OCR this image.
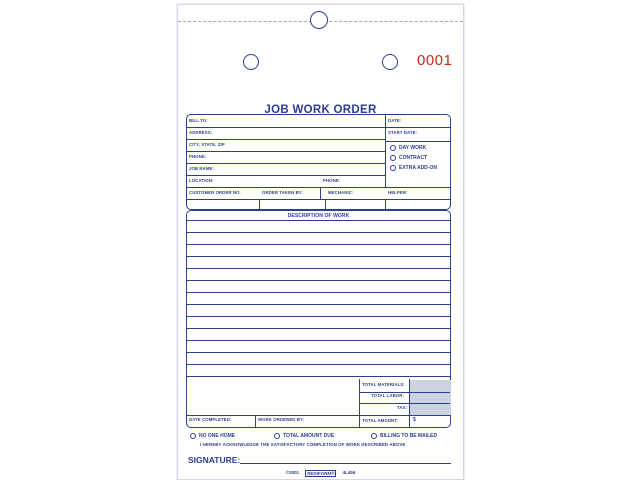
0001
JOB WORK ORDER
BILL TO:	DATE:
ADDRESS:	START DATE:
CITY, STATE, ZIP
PHONE:
JOB NAME:
LOCATION:	PHONE:
CUSTOMER ORDER NO.	ORDER TAKEN BY:	MECHANIC:	HELPER:
DAY WORK
CONTRACT
EXTRA ADD-ON
DESCRIPTION OF WORK
TOTAL MATERIALS:
TOTAL LABOR:
TAX:
DATE COMPLETED:	WORK ORDERED BY:	TOTAL AMOUNT:	$
NO ONE HOME	TOTAL AMOUNT DUE	BILLING TO BE MAILED
I HEREBY ACKNOWLEDGE THE SATISFACTORY COMPLETION OF WORK DESCRIBED ABOVE
SIGNATURE:
©2001	REDIFORM®	4L456
